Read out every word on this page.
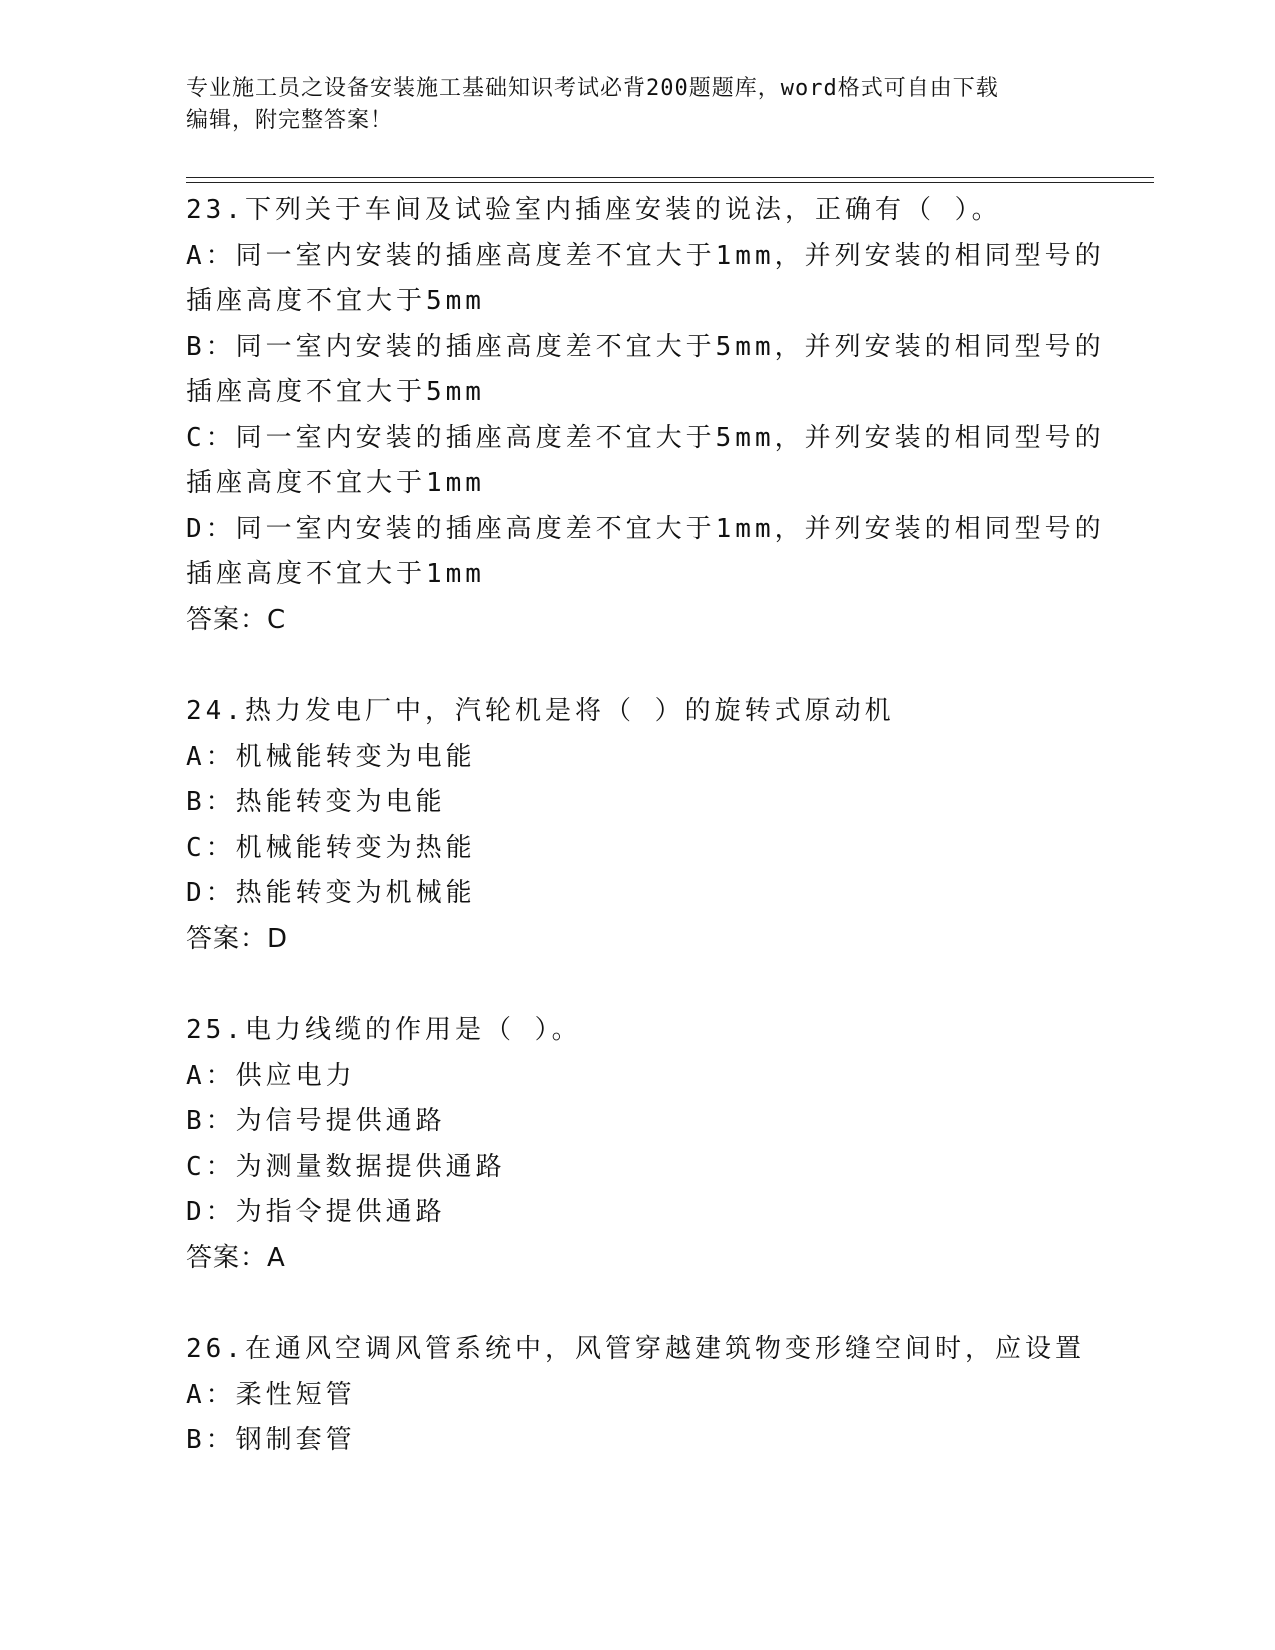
专业施工员之设备安装施工基础知识考试必背200题题库，word格式可自由下载
编辑，附完整答案！
23.下列关于车间及试验室内插座安装的说法，正确有（ ）。
A：同一室内安装的插座高度差不宜大于1mm，并列安装的相同型号的
插座高度不宜大于5mm
B：同一室内安装的插座高度差不宜大于5mm，并列安装的相同型号的
插座高度不宜大于5mm
C：同一室内安装的插座高度差不宜大于5mm，并列安装的相同型号的
插座高度不宜大于1mm
D：同一室内安装的插座高度差不宜大于1mm，并列安装的相同型号的
插座高度不宜大于1mm
答案：C
24.热力发电厂中，汽轮机是将（ ）的旋转式原动机
A：机械能转变为电能
B：热能转变为电能
C：机械能转变为热能
D：热能转变为机械能
答案：D
25.电力线缆的作用是（ ）。
A：供应电力
B：为信号提供通路
C：为测量数据提供通路
D：为指令提供通路
答案：A
26.在通风空调风管系统中，风管穿越建筑物变形缝空间时，应设置
A：柔性短管
B：钢制套管
